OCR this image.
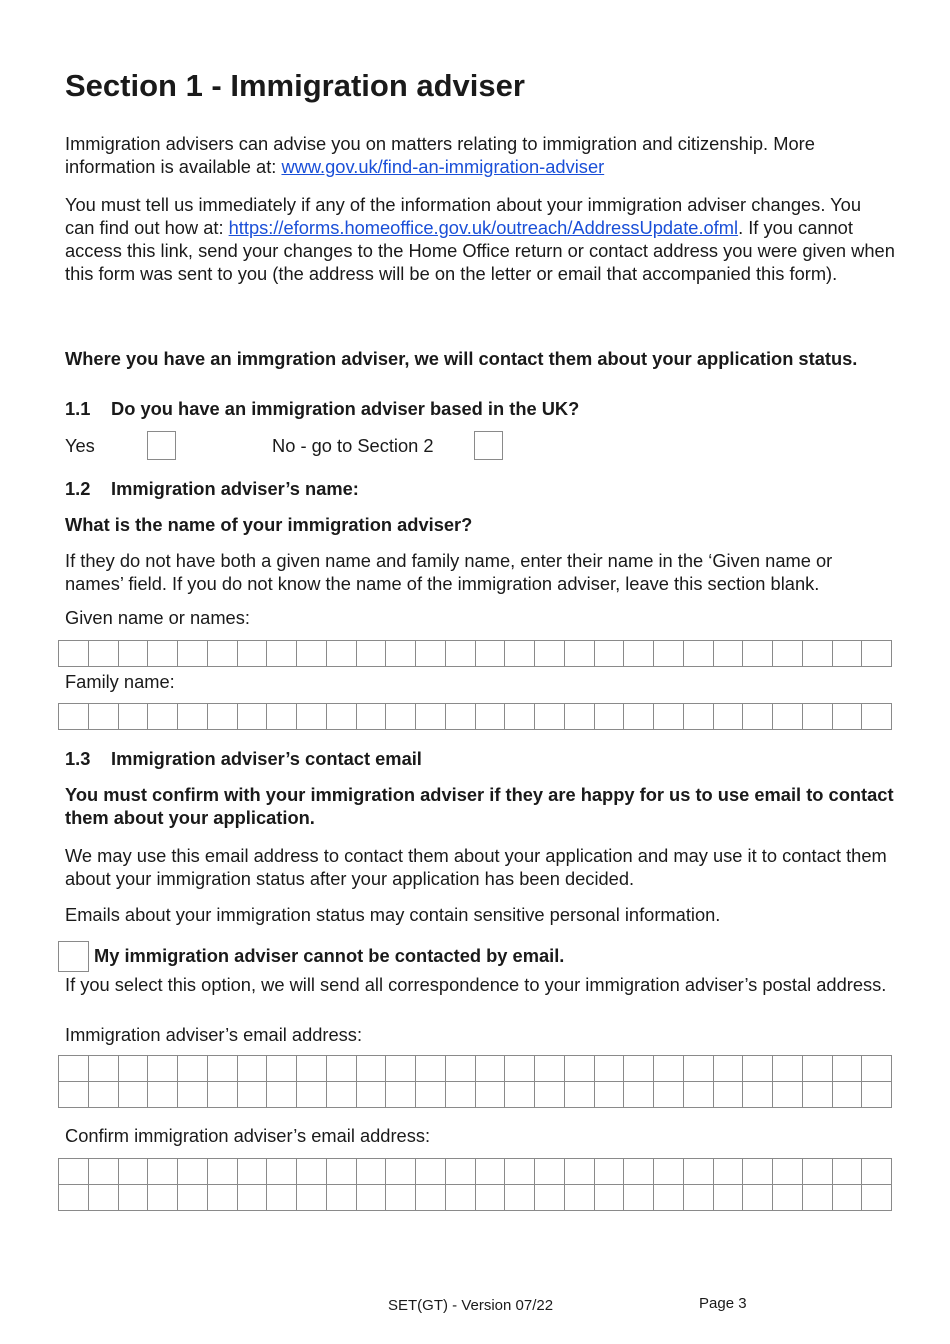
Section 1 - Immigration adviser
Immigration advisers can advise you on matters relating to immigration and citizenship. More information is available at: www.gov.uk/find-an-immigration-adviser
You must tell us immediately if any of the information about your immigration adviser changes. You can find out how at: https://eforms.homeoffice.gov.uk/outreach/AddressUpdate.ofml. If you cannot access this link, send your changes to the Home Office return or contact address you were given when this form was sent to you (the address will be on the letter or email that accompanied this form).
Where you have an immgration adviser, we will contact them about your application status.
1.1 Do you have an immigration adviser based in the UK?
Yes	No - go to Section 2
1.2 Immigration adviser’s name:
What is the name of your immigration adviser?
If they do not have both a given name and family name, enter their name in the ‘Given name or names’ field. If you do not know the name of the immigration adviser, leave this section blank.
Given name or names:
Family name:
1.3 Immigration adviser’s contact email
You must confirm with your immigration adviser if they are happy for us to use email to contact them about your application.
We may use this email address to contact them about your application and may use it to contact them about your immigration status after your application has been decided.
Emails about your immigration status may contain sensitive personal information.
My immigration adviser cannot be contacted by email.
If you select this option, we will send all correspondence to your immigration adviser’s postal address.
Immigration adviser’s email address:
Confirm immigration adviser’s email address:
SET(GT) - Version 07/22	Page 3
